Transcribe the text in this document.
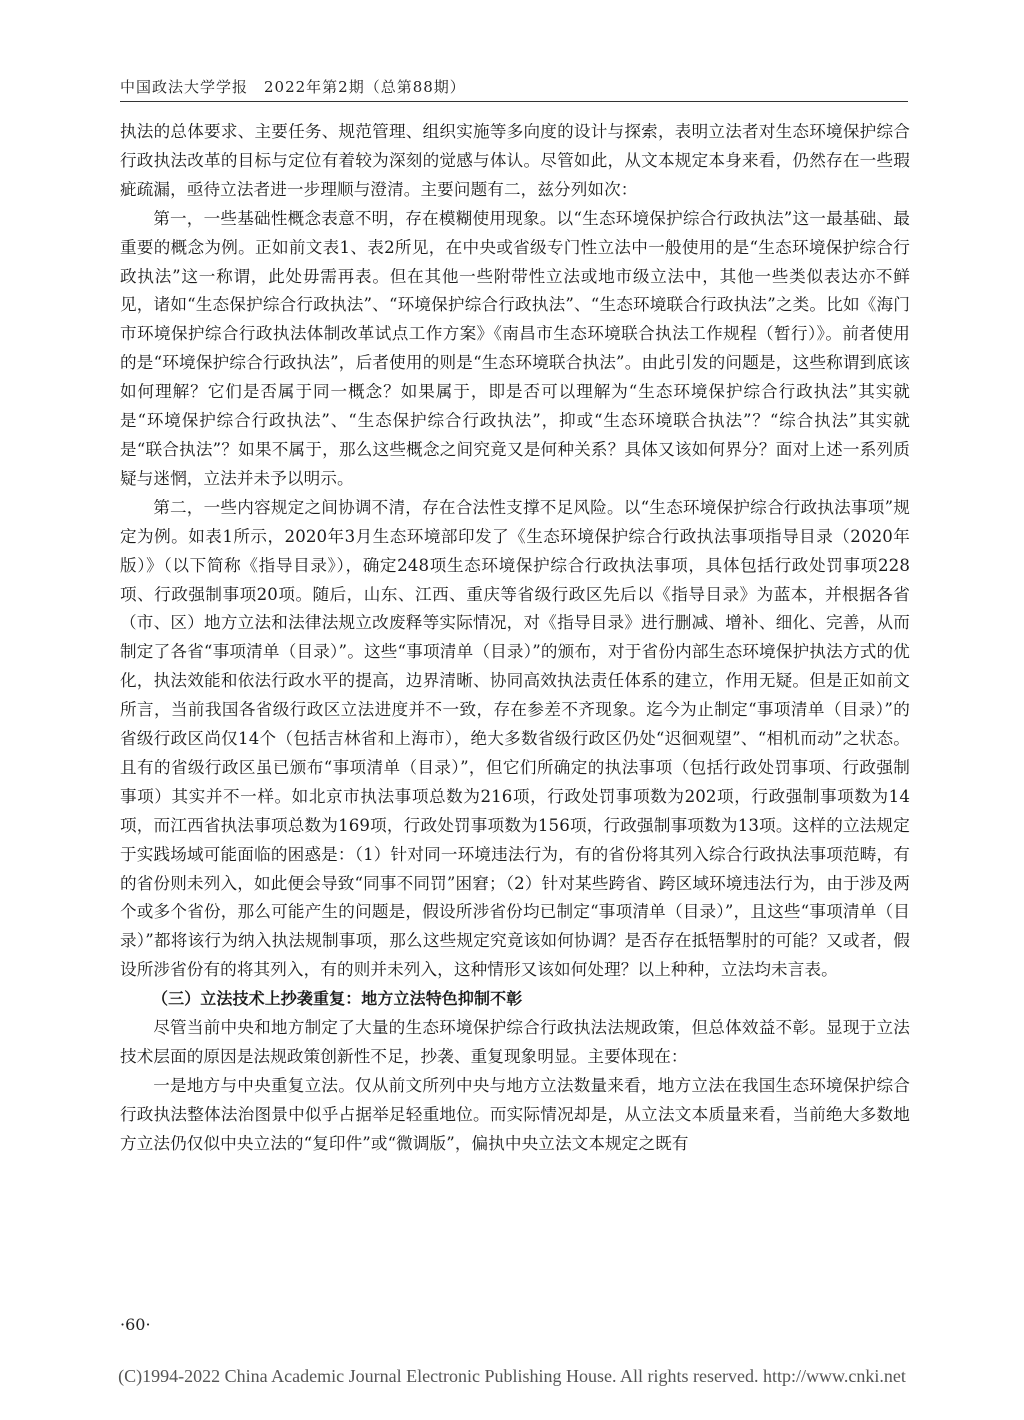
中国政法大学学报　2022年第2期（总第88期）

执法的总体要求、主要任务、规范管理、组织实施等多向度的设计与探索，表明立法者对生态环境保护综合行政执法改革的目标与定位有着较为深刻的觉感与体认。尽管如此，从文本规定本身来看，仍然存在一些瑕疵疏漏，亟待立法者进一步理顺与澄清。主要问题有二，兹分列如次：

第一，一些基础性概念表意不明，存在模糊使用现象。以“生态环境保护综合行政执法”这一最基础、最重要的概念为例。正如前文表1、表2所见，在中央或省级专门性立法中一般使用的是“生态环境保护综合行政执法”这一称谓，此处毋需再表。但在其他一些附带性立法或地市级立法中，其他一些类似表达亦不鲜见，诸如“生态保护综合行政执法”、“环境保护综合行政执法”、“生态环境联合行政执法”之类。比如《海门市环境保护综合行政执法体制改革试点工作方案》《南昌市生态环境联合执法工作规程（暂行）》。前者使用的是“环境保护综合行政执法”，后者使用的则是“生态环境联合执法”。由此引发的问题是，这些称谓到底该如何理解？它们是否属于同一概念？如果属于，即是否可以理解为“生态环境保护综合行政执法”其实就是“环境保护综合行政执法”、“生态保护综合行政执法”，抑或“生态环境联合执法”？“综合执法”其实就是“联合执法”？如果不属于，那么这些概念之间究竟又是何种关系？具体又该如何界分？面对上述一系列质疑与迷惘，立法并未予以明示。

第二，一些内容规定之间协调不清，存在合法性支撑不足风险。以“生态环境保护综合行政执法事项”规定为例。如表1所示，2020年3月生态环境部印发了《生态环境保护综合行政执法事项指导目录（2020年版）》（以下简称《指导目录》），确定248项生态环境保护综合行政执法事项，具体包括行政处罚事项228项、行政强制事项20项。随后，山东、江西、重庆等省级行政区先后以《指导目录》为蓝本，并根据各省（市、区）地方立法和法律法规立改废释等实际情况，对《指导目录》进行删减、增补、细化、完善，从而制定了各省“事项清单（目录）”。这些“事项清单（目录）”的颁布，对于省份内部生态环境保护执法方式的优化，执法效能和依法行政水平的提高，边界清晰、协同高效执法责任体系的建立，作用无疑。但是正如前文所言，当前我国各省级行政区立法进度并不一致，存在参差不齐现象。迄今为止制定“事项清单（目录）”的省级行政区尚仅14个（包括吉林省和上海市），绝大多数省级行政区仍处“迟徊观望”、“相机而动”之状态。且有的省级行政区虽已颁布“事项清单（目录）”，但它们所确定的执法事项（包括行政处罚事项、行政强制事项）其实并不一样。如北京市执法事项总数为216项，行政处罚事项数为202项，行政强制事项数为14项，而江西省执法事项总数为169项，行政处罚事项数为156项，行政强制事项数为13项。这样的立法规定于实践场域可能面临的困惑是：（1）针对同一环境违法行为，有的省份将其列入综合行政执法事项范畴，有的省份则未列入，如此便会导致“同事不同罚”困窘；（2）针对某些跨省、跨区域环境违法行为，由于涉及两个或多个省份，那么可能产生的问题是，假设所涉省份均已制定“事项清单（目录）”，且这些“事项清单（目录）”都将该行为纳入执法规制事项，那么这些规定究竟该如何协调？是否存在抵牾掣肘的可能？又或者，假设所涉省份有的将其列入，有的则并未列入，这种情形又该如何处理？以上种种，立法均未言表。

（三）立法技术上抄袭重复：地方立法特色抑制不彰

尽管当前中央和地方制定了大量的生态环境保护综合行政执法法规政策，但总体效益不彰。显现于立法技术层面的原因是法规政策创新性不足，抄袭、重复现象明显。主要体现在：

一是地方与中央重复立法。仅从前文所列中央与地方立法数量来看，地方立法在我国生态环境保护综合行政执法整体法治图景中似乎占据举足轻重地位。而实际情况却是，从立法文本质量来看，当前绝大多数地方立法仍仅似中央立法的“复印件”或“微调版”，偏执中央立法文本规定之既有

·60·
(C)1994-2022 China Academic Journal Electronic Publishing House. All rights reserved. http://www.cnki.net
